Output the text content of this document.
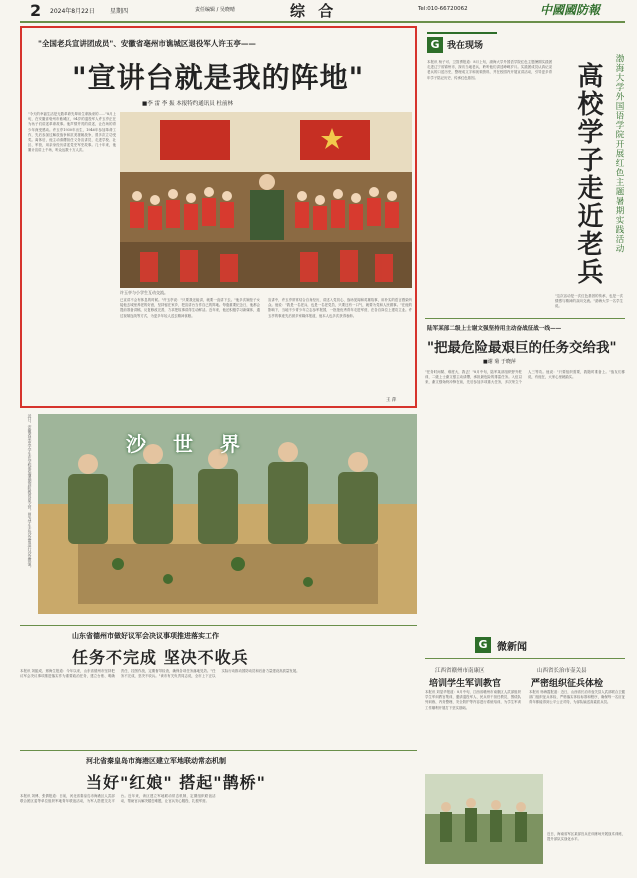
2 2024年8月22日	星期四	责任编辑 / 吴晓晴	综 合	Tel:010-66720062	中國國防報
"全国老兵宣讲团成员"、安徽省亳州市谯城区退役军人许玉亭——
"宣讲台就是我的阵地"
■李 雷 李 振 本报特约通讯员 杜前林
"今天的幸福生活是无数革命先辈用生命换来的……"8月上旬，在安徽省亳州市谯城区，94岁的退役军人许玉亭正在为孩子们讲述革命故事。他声情并茂的讲述，让在场的青少年深受感动。许玉亭1930年出生，1946年参加革命工作，先后参加过解放战争和抗美援朝战争，曾多次立功受奖。离休后，他主动请缨担任义务宣讲员，走进学校、社区、军营，用亲身经历讲述党史军史故事。几十年来，他累计宣讲上千场，听众达数十万人次。
许玉亭与小学生互动交流。
已宣讲不会有休息的时候。"许玉亭说："只要我还能讲，就要一直讲下去。"他多次婉拒子女接他去城里养老的好意，坚持留在家乡，把宣讲台当作自己的阵地。每逢重要纪念日，他都会提前准备讲稿，反复修改完善，力求把故事讲得生动鲜活。近年来，他还积极学习新媒体，通过视频连线等方式，为更多年轻人送去精神食粮。
宣讲中，许玉亭常常结合自身经历，讲述入党初心、战场见闻和英雄故事，用朴实的语言感染听众。他说："我是一名老兵，也是一名老党员，只要还有一口气，就要为党和人民做事。"在他的影响下，当地不少青少年立志参军报国，一批批优秀青年走进军营，在各自岗位上建功立业。许玉亭的事迹先后被多家媒体报道，他本人也多次获得表彰。
王 萍
沙 世 界
近日，安徽省某中学学生在学校参加暑期国防教育夏令营。图为学生在沙盘前进行沙盘推演。
山东省德州市做好议军会决议事项推进落实工作
任务不完成 坚决不收兵
本报讯 刘振成、邢海生报道：今年以来，山东省德州市坚持把议军会决议事项推进落实作为重要政治任务，建立台账、明确责任、挂图作战，定期督导检查，确保各项任务落地见效。"任务不完成，坚决不收兵。"该市有关负责同志说，全市上下正以实际行动推动国防动员和后备力量建设高质量发展。
河北省秦皇岛市海港区建立军地联动常态机制
当好"红娘" 搭起"鹊桥"
本报讯 刘博、张倩报道：日前，河北省秦皇岛市海港区人武部联合团区委等单位组织军地青年联谊活动，为军人搭建交友平台。近年来，该区建立军地联动常态机制，定期组织联谊活动，帮助官兵解决婚恋难题，让官兵安心服役、扎根军营。
G 我在现场
本报讯 杨子可、卫智勇报道：8月上旬，渤海大学外国语学院红色主题暑期实践团走进辽宁省锦州市，探访当地老兵，聆听他们讲述峥嵘岁月。实践团成员认真记录老兵的口述历史，整理成文字和视频资料，并在校园内开展宣讲活动，引导更多青年学子铭记历史、传承红色基因。	渤海大学外国语学院开展红色主题暑期实践活动
高校学子走近老兵
"这次活动是一次红色基因的传承，也是一次情感与精神的双向交流。"渤海大学一名学生说。
陆军某部二级上士谢文强坚持用主动奋战征战一线——
"把最危险最艰巨的任务交给我"
■谢 菊 于晓萍
"任务时间紧、难度大，我去！"8月中旬，陆军某部组织野外驻训，二级上士谢文强主动请缨，承担最危险的排雷任务。入伍以来，谢文强始终冲锋在前，先后参加多项重大任务，多次荣立个人三等功。他说："只要组织需要，我随时准备上。"战友们都说，有他在，大家心里就踏实。
G 微新闻
江西省赣州市南康区
培训学生军训教官
本报讯 刘显华报道：8月中旬，江西省赣州市南康区人武部组织学生军训教官集训，邀请退役军人、民兵骨干担任教员，围绕队列训练、内务整理、安全防护等内容进行系统培训，为学生军训工作顺利开展打下坚实基础。
山西省长治市壶关县
严密组织征兵体检
本报讯 杨海霞报道：近日，山西省长治市壶关县人武部联合卫健部门组织征兵体检，严格落实体检标准和程序，确保每一名应征青年都能得到公平公正对待，为部队输送高素质兵员。
近日，海南省军区某部官兵在训练场开展战术训练，提升部队实战化水平。
